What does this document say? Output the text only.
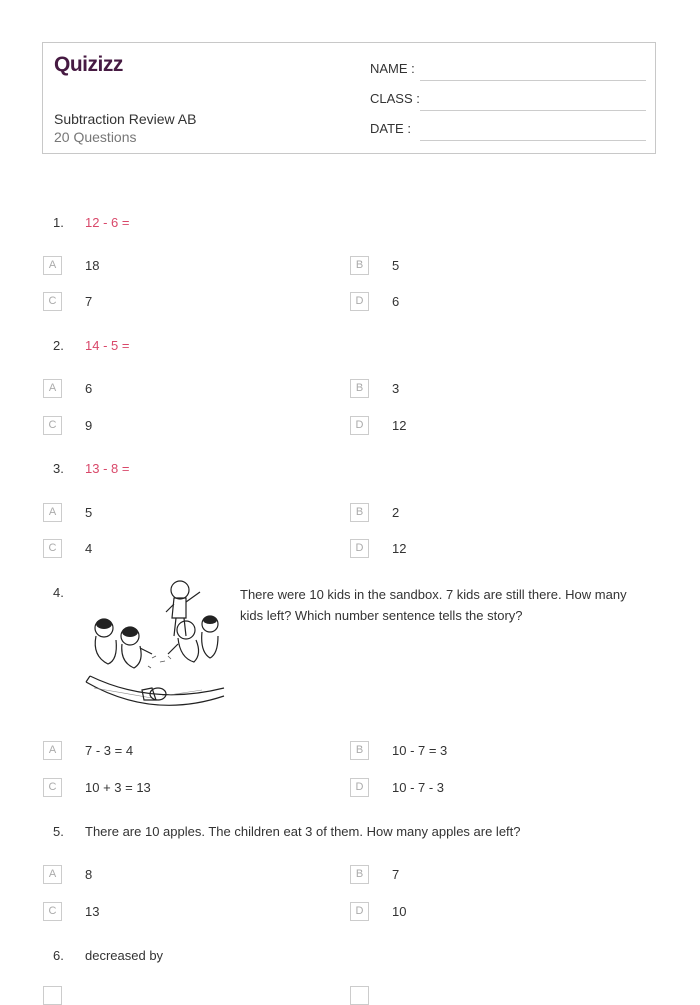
Quizizz
Subtraction Review AB
20 Questions
NAME :
CLASS :
DATE :
1. 12 - 6 =
A	18	B	5
C	7	D	6
2. 14 - 5 =
A	6	B	3
C	9	D	12
3. 13 - 8 =
A	5	B	2
C	4	D	12
4.	There were 10 kids in the sandbox. 7 kids are still there. How many kids left? Which number sentence tells the story?
A	7 - 3 = 4	B	10 - 7 = 3
C	10 + 3 = 13	D	10 - 7 - 3
5. There are 10 apples. The children eat 3 of them. How many apples are left?
A	8	B	7
C	13	D	10
6. decreased by
